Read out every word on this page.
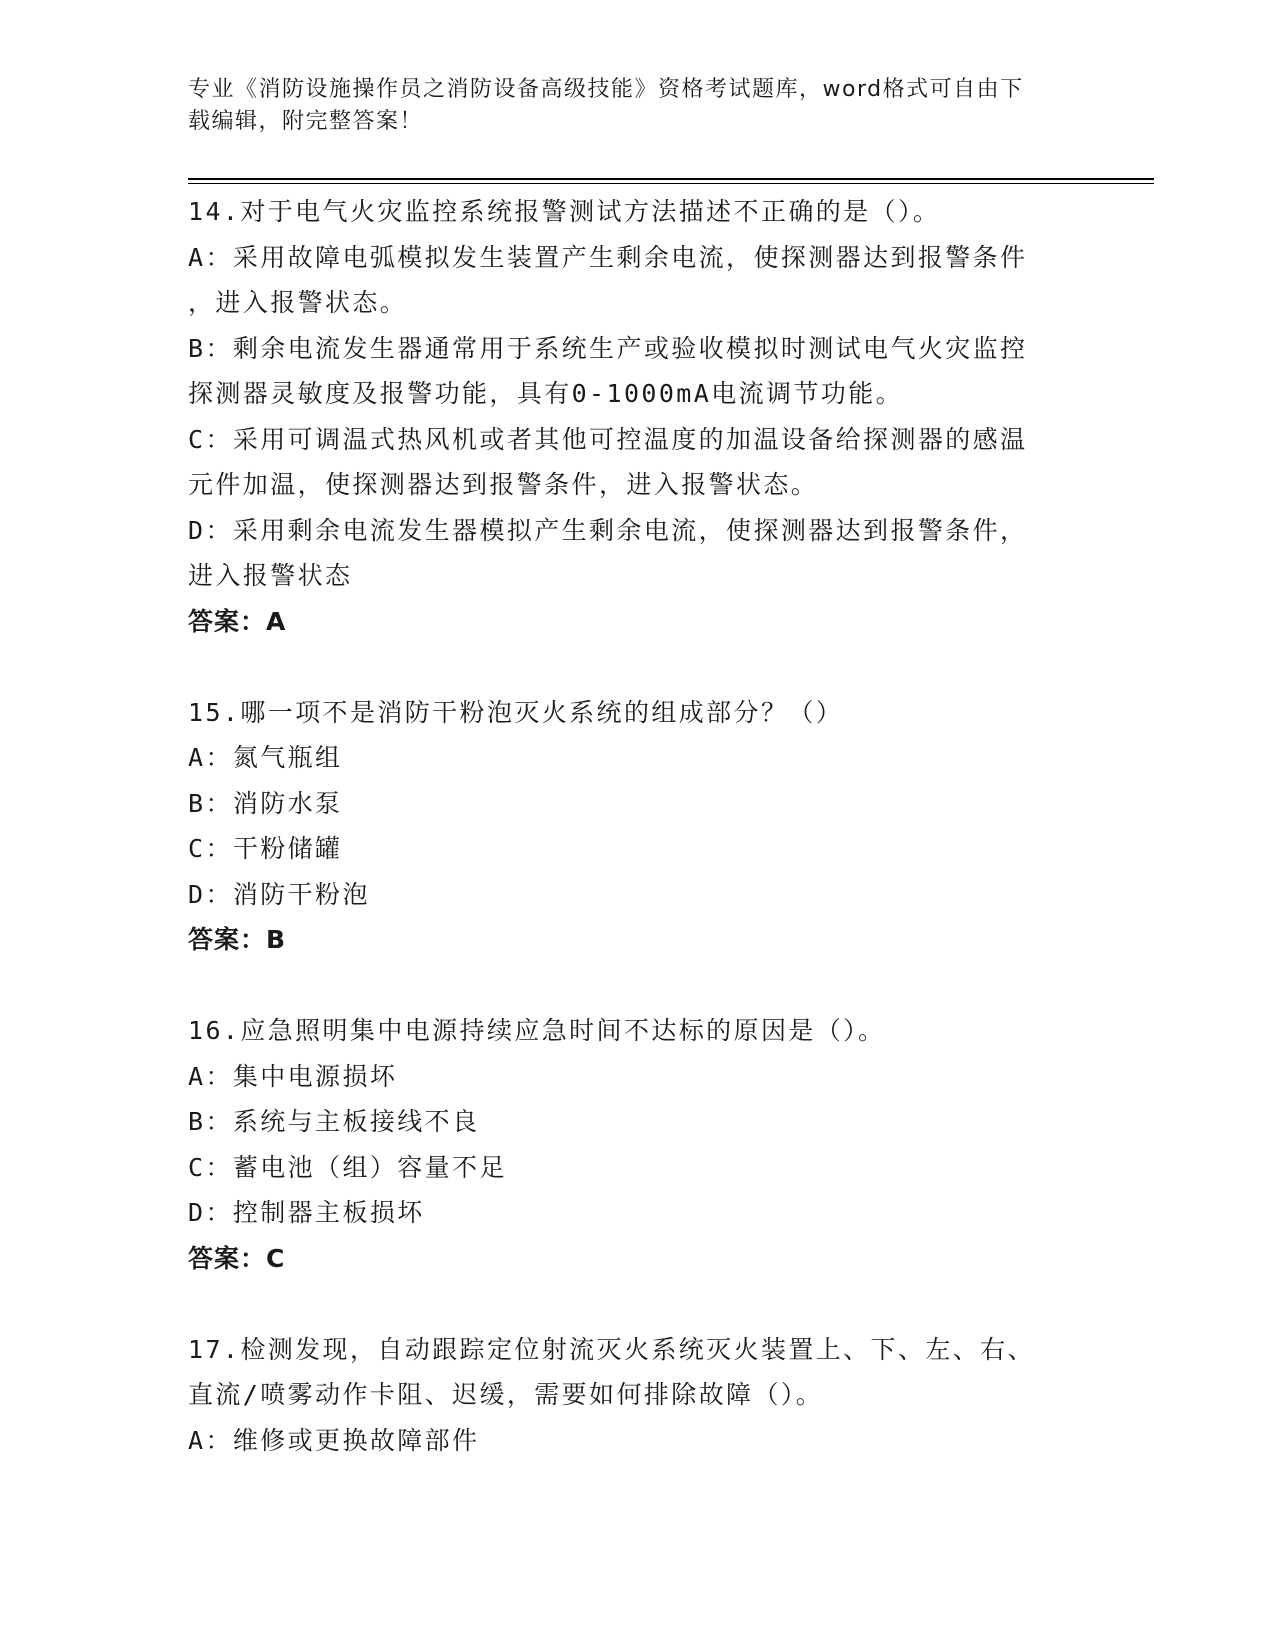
专业《消防设施操作员之消防设备高级技能》资格考试题库，word格式可自由下
载编辑，附完整答案！
14.对于电气火灾监控系统报警测试方法描述不正确的是（）。
A：采用故障电弧模拟发生装置产生剩余电流，使探测器达到报警条件
，进入报警状态。
B：剩余电流发生器通常用于系统生产或验收模拟时测试电气火灾监控
探测器灵敏度及报警功能，具有0-1000mA电流调节功能。
C：采用可调温式热风机或者其他可控温度的加温设备给探测器的感温
元件加温，使探测器达到报警条件，进入报警状态。
D：采用剩余电流发生器模拟产生剩余电流，使探测器达到报警条件，
进入报警状态
答案：A
15.哪一项不是消防干粉泡灭火系统的组成部分？（）
A：氮气瓶组
B：消防水泵
C：干粉储罐
D：消防干粉泡
答案：B
16.应急照明集中电源持续应急时间不达标的原因是（）。
A：集中电源损坏
B：系统与主板接线不良
C：蓄电池（组）容量不足
D：控制器主板损坏
答案：C
17.检测发现，自动跟踪定位射流灭火系统灭火装置上、下、左、右、
直流/喷雾动作卡阻、迟缓，需要如何排除故障（）。
A：维修或更换故障部件
